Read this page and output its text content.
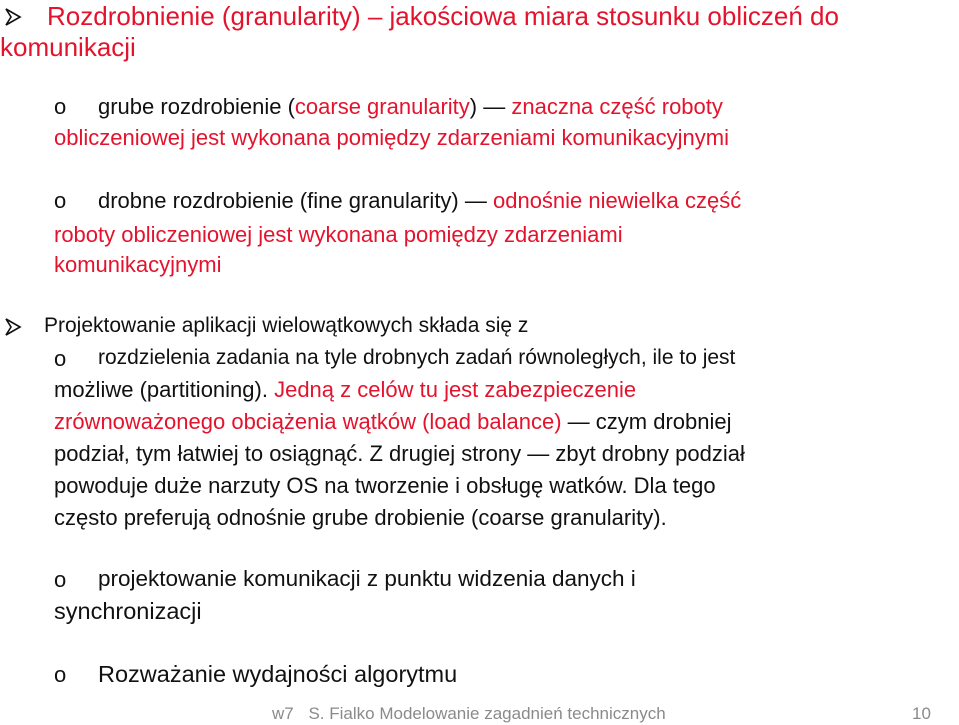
Rozdrobnienie (granularity) – jakościowa miara stosunku obliczeń do

komunikacji

o grube rozdrobienie (coarse granularity) — znaczna część roboty

obliczeniowej jest wykonana pomiędzy zdarzeniami komunikacyjnymi

o drobne rozdrobienie (fine granularity) — odnośnie niewielka część

roboty obliczeniowej jest wykonana pomiędzy zdarzeniami

komunikacyjnymi

Projektowanie aplikacji wielowątkowych składa się z

o rozdzielenia zadania na tyle drobnych zadań równoległych, ile to jest

możliwe (partitioning). Jedną z celów tu jest zabezpieczenie

zrównoważonego obciążenia wątków (load balance) — czym drobniej

podział, tym łatwiej to osiągnąć. Z drugiej strony — zbyt drobny podział

powoduje duże narzuty OS na tworzenie i obsługę watków. Dla tego

często preferują odnośnie grube drobienie (coarse granularity).

o projektowanie komunikacji z punktu widzenia danych i

synchronizacji

o Rozważanie wydajności algorytmu

w7 S. Fialko Modelowanie zagadnień technicznych	10
